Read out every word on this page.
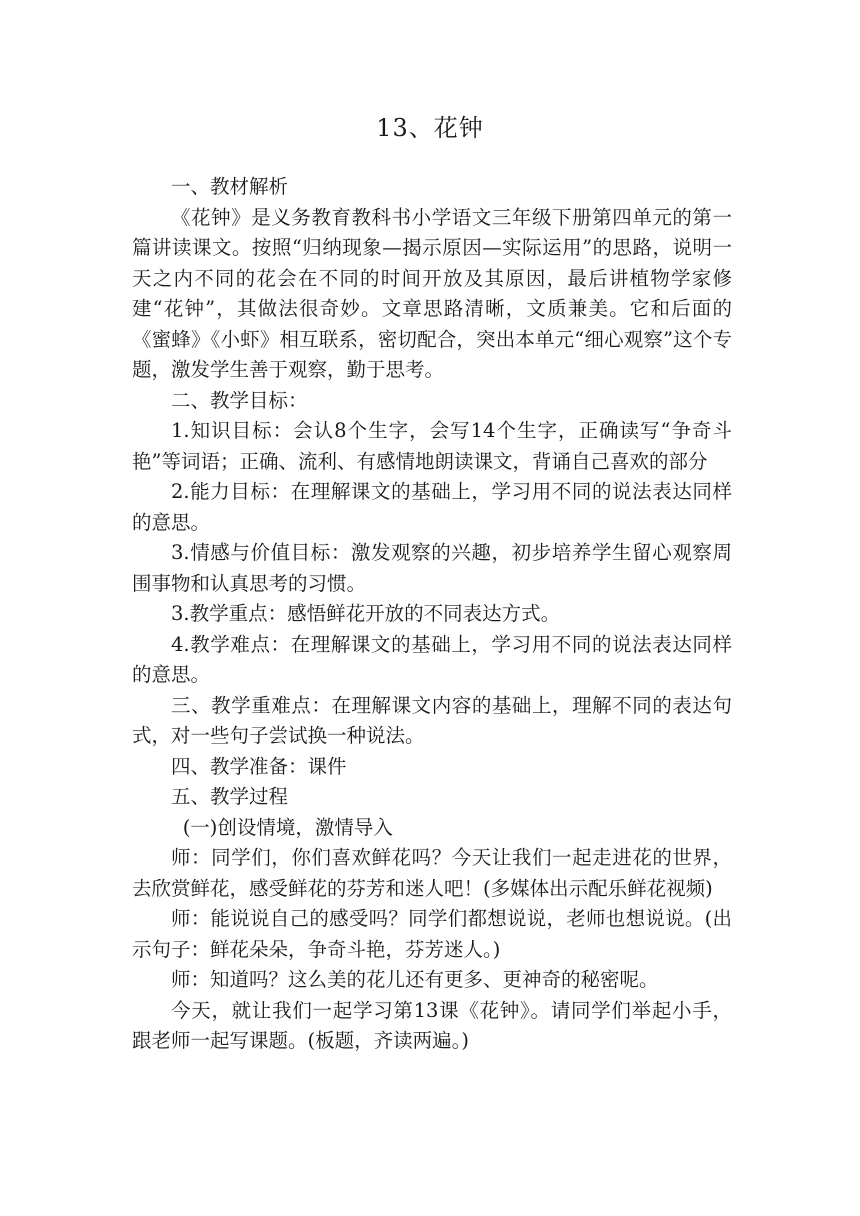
13、花钟

一、教材解析

《花钟》是义务教育教科书小学语文三年级下册第四单元的第一篇讲读课文。按照“归纳现象—揭示原因—实际运用”的思路，说明一天之内不同的花会在不同的时间开放及其原因，最后讲植物学家修建“花钟”，其做法很奇妙。文章思路清晰，文质兼美。它和后面的《蜜蜂》《小虾》相互联系，密切配合，突出本单元“细心观察”这个专题，激发学生善于观察，勤于思考。

二、教学目标：

1.知识目标：会认8个生字，会写14个生字，正确读写“争奇斗艳”等词语；正确、流利、有感情地朗读课文，背诵自己喜欢的部分

2.能力目标：在理解课文的基础上，学习用不同的说法表达同样的意思。

3.情感与价值目标：激发观察的兴趣，初步培养学生留心观察周围事物和认真思考的习惯。

3.教学重点：感悟鲜花开放的不同表达方式。

4.教学难点：在理解课文的基础上，学习用不同的说法表达同样的意思。

三、教学重难点：在理解课文内容的基础上，理解不同的表达句式，对一些句子尝试换一种说法。

四、教学准备：课件

五、教学过程

(一)创设情境，激情导入

师：同学们，你们喜欢鲜花吗？今天让我们一起走进花的世界，去欣赏鲜花，感受鲜花的芬芳和迷人吧！(多媒体出示配乐鲜花视频)

师：能说说自己的感受吗？同学们都想说说，老师也想说说。(出示句子：鲜花朵朵，争奇斗艳，芬芳迷人。)

师：知道吗？这么美的花儿还有更多、更神奇的秘密呢。

今天，就让我们一起学习第13课《花钟》。请同学们举起小手，跟老师一起写课题。(板题，齐读两遍。)
